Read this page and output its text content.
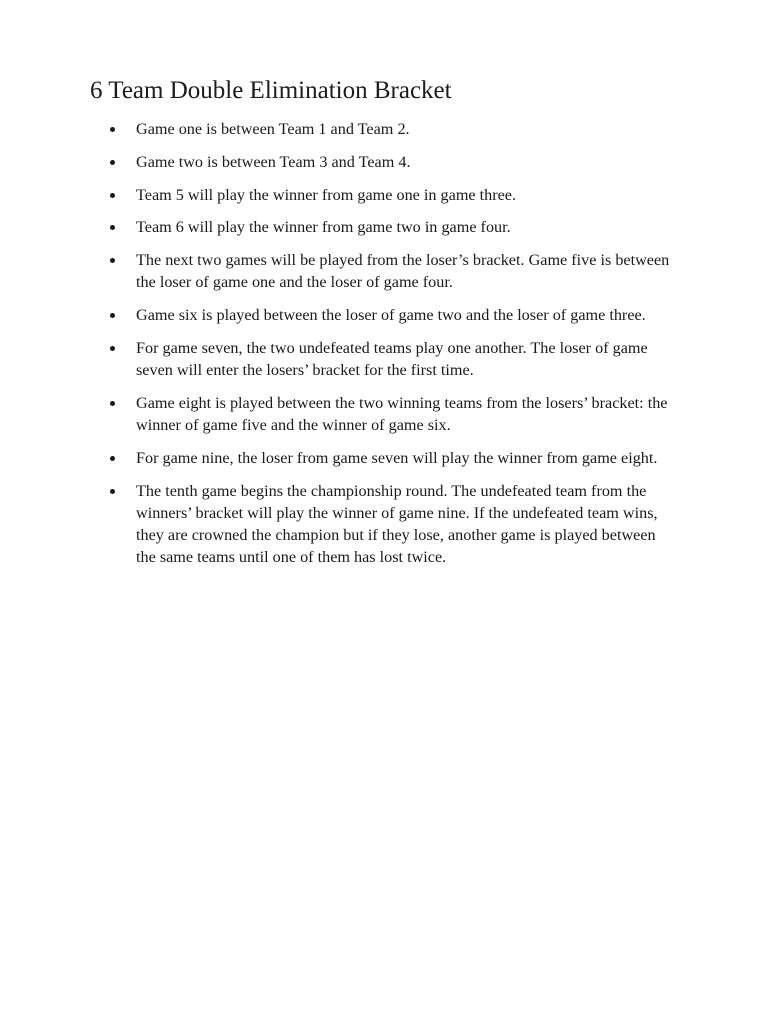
6 Team Double Elimination Bracket
Game one is between Team 1 and Team 2.
Game two is between Team 3 and Team 4.
Team 5 will play the winner from game one in game three.
Team 6 will play the winner from game two in game four.
The next two games will be played from the loser’s bracket. Game five is between the loser of game one and the loser of game four.
Game six is played between the loser of game two and the loser of game three.
For game seven, the two undefeated teams play one another. The loser of game seven will enter the losers’ bracket for the first time.
Game eight is played between the two winning teams from the losers’ bracket: the winner of game five and the winner of game six.
For game nine, the loser from game seven will play the winner from game eight.
The tenth game begins the championship round. The undefeated team from the winners’ bracket will play the winner of game nine. If the undefeated team wins, they are crowned the champion but if they lose, another game is played between the same teams until one of them has lost twice.
